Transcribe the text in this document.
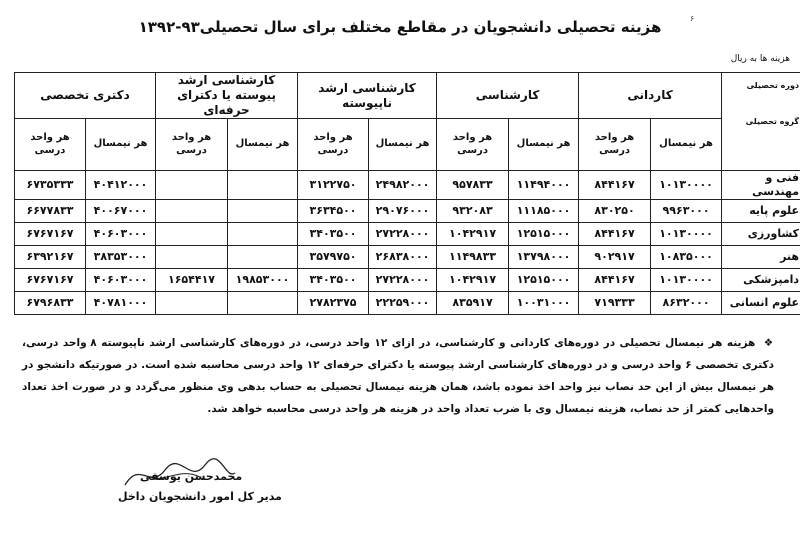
۶
هزینه تحصیلی دانشجویان در مقاطع مختلف برای سال تحصیلی۹۳-۱۳۹۲
هزینه ها به ریال
دوره تحصیلی
گروه تحصیلی	کاردانی		کارشناسی		کارشناسی ارشد ناپیوسته		کارشناسی ارشد پیوسته یا دکترای حرفه‌ای		دکتری تخصصی	
	هر نیمسال	هر واحد درسی	هر نیمسال	هر واحد درسی	هر نیمسال	هر واحد درسی	هر نیمسال	هر واحد درسی	هر نیمسال	هر واحد درسی
فنی و مهندسی	۱۰۱۳۰۰۰۰	۸۴۴۱۶۷	۱۱۴۹۴۰۰۰	۹۵۷۸۳۳	۲۴۹۸۲۰۰۰	۳۱۲۲۷۵۰			۴۰۴۱۲۰۰۰	۶۷۳۵۳۳۳
علوم پایه	۹۹۶۳۰۰۰	۸۳۰۲۵۰	۱۱۱۸۵۰۰۰	۹۳۲۰۸۳	۲۹۰۷۶۰۰۰	۳۶۳۴۵۰۰			۴۰۰۶۷۰۰۰	۶۶۷۷۸۳۳
کشاورزی	۱۰۱۳۰۰۰۰	۸۴۴۱۶۷	۱۲۵۱۵۰۰۰	۱۰۴۲۹۱۷	۲۷۲۲۸۰۰۰	۳۴۰۳۵۰۰			۴۰۶۰۳۰۰۰	۶۷۶۷۱۶۷
هنر	۱۰۸۳۵۰۰۰	۹۰۲۹۱۷	۱۳۷۹۸۰۰۰	۱۱۴۹۸۳۳	۲۶۸۳۸۰۰۰	۳۵۷۹۷۵۰			۳۸۳۵۳۰۰۰	۶۳۹۲۱۶۷
دامپزشکی	۱۰۱۳۰۰۰۰	۸۴۴۱۶۷	۱۲۵۱۵۰۰۰	۱۰۴۲۹۱۷	۲۷۲۲۸۰۰۰	۳۴۰۳۵۰۰	۱۹۸۵۳۰۰۰	۱۶۵۴۴۱۷	۴۰۶۰۳۰۰۰	۶۷۶۷۱۶۷
علوم انسانی	۸۶۳۲۰۰۰	۷۱۹۳۳۳	۱۰۰۳۱۰۰۰	۸۳۵۹۱۷	۲۲۲۵۹۰۰۰	۲۷۸۲۳۷۵			۴۰۷۸۱۰۰۰	۶۷۹۶۸۳۳
❖ هزینه هر نیمسال تحصیلی در دوره‌های کاردانی و کارشناسی، در ازای ۱۲ واحد درسی، در دوره‌های کارشناسی ارشد ناپیوسته ۸ واحد درسی، دکتری تخصصی ۶ واحد درسی و در دوره‌های کارشناسی ارشد پیوسته یا دکترای حرفه‌ای ۱۲ واحد درسی محاسبه شده است. در صورتیکه دانشجو در هر نیمسال بیش از این حد نصاب نیز واحد اخذ نموده باشد، همان هزینه نیمسال تحصیلی به حساب بدهی وی منظور می‌گردد و در صورت اخذ تعداد واحدهایی کمتر از حد نصاب، هزینه نیمسال وی با ضرب تعداد واحد در هزینه هر واحد درسی محاسبه خواهد شد.
محمدحسن یوسفی
مدیر کل امور دانشجویان داخل
